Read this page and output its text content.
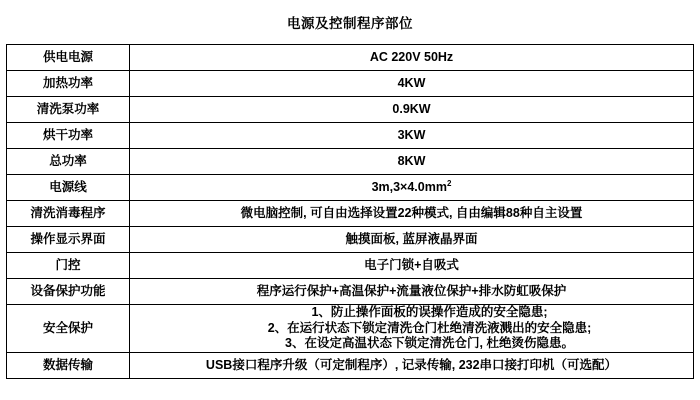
电源及控制程序部位
供电电源	AC 220V 50Hz
加热功率	4KW
清洗泵功率	0.9KW
烘干功率	3KW
总功率	8KW
电源线	$3m,3\times 4.0mm^2$
清洗消毒程序	微电脑控制, 可自由选择设置22种模式, 自由编辑88种自主设置
操作显示界面	触摸面板, 蓝屏液晶界面
门控	电子门锁+自吸式
设备保护功能	程序运行保护+高温保护+流量液位保护+排水防虹吸保护
安全保护	1、防止操作面板的误操作造成的安全隐患;
2、在运行状态下锁定清洗仓门杜绝清洗液溅出的安全隐患;
3、在设定高温状态下锁定清洗仓门, 杜绝烫伤隐患。

数据传输	USB接口程序升级（可定制程序）, 记录传输, 232串口接打印机（可选配）
